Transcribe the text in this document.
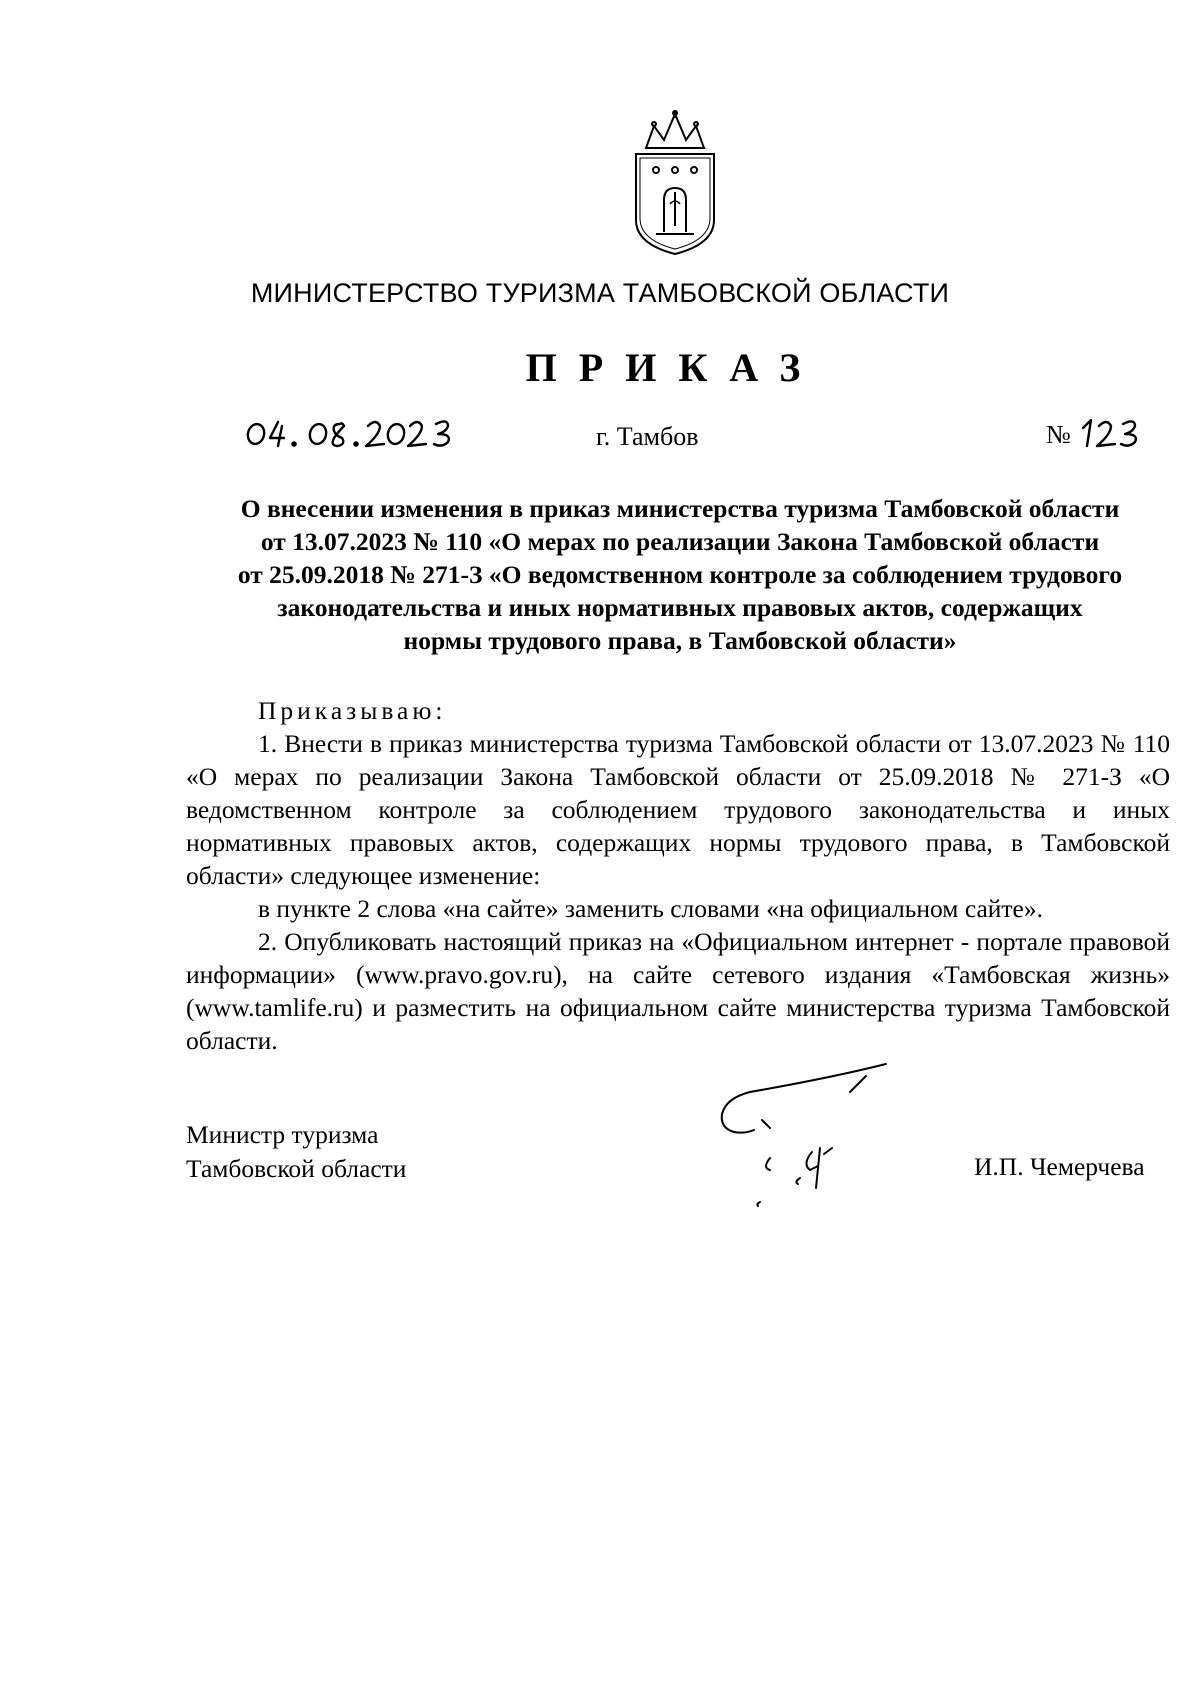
МИНИСТЕРСТВО ТУРИЗМА ТАМБОВСКОЙ ОБЛАСТИ
ПРИКАЗ
г. Тамбов	№
О внесении изменения в приказ министерства туризма Тамбовской области
от 13.07.2023 № 110 «О мерах по реализации Закона Тамбовской области
от 25.09.2018 № 271-З «О ведомственном контроле за соблюдением трудового
законодательства и иных нормативных правовых актов, содержащих
нормы трудового права, в Тамбовской области»

Приказываю:

1. Внести в приказ министерства туризма Тамбовской области от 13.07.2023 № 110 «О мерах по реализации Закона Тамбовской области от 25.09.2018 № 271-З «О ведомственном контроле за соблюдением трудового законодательства и иных нормативных правовых актов, содержащих нормы трудового права, в Тамбовской области» следующее изменение:

в пункте 2 слова «на сайте» заменить словами «на официальном сайте».

2. Опубликовать настоящий приказ на «Официальном интернет - портале правовой информации» (www.pravo.gov.ru), на сайте сетевого издания «Тамбовская жизнь» (www.tamlife.ru) и разместить на официальном сайте министерства туризма Тамбовской области.

Министр туризма
Тамбовской области	И.П. Чемерчева
